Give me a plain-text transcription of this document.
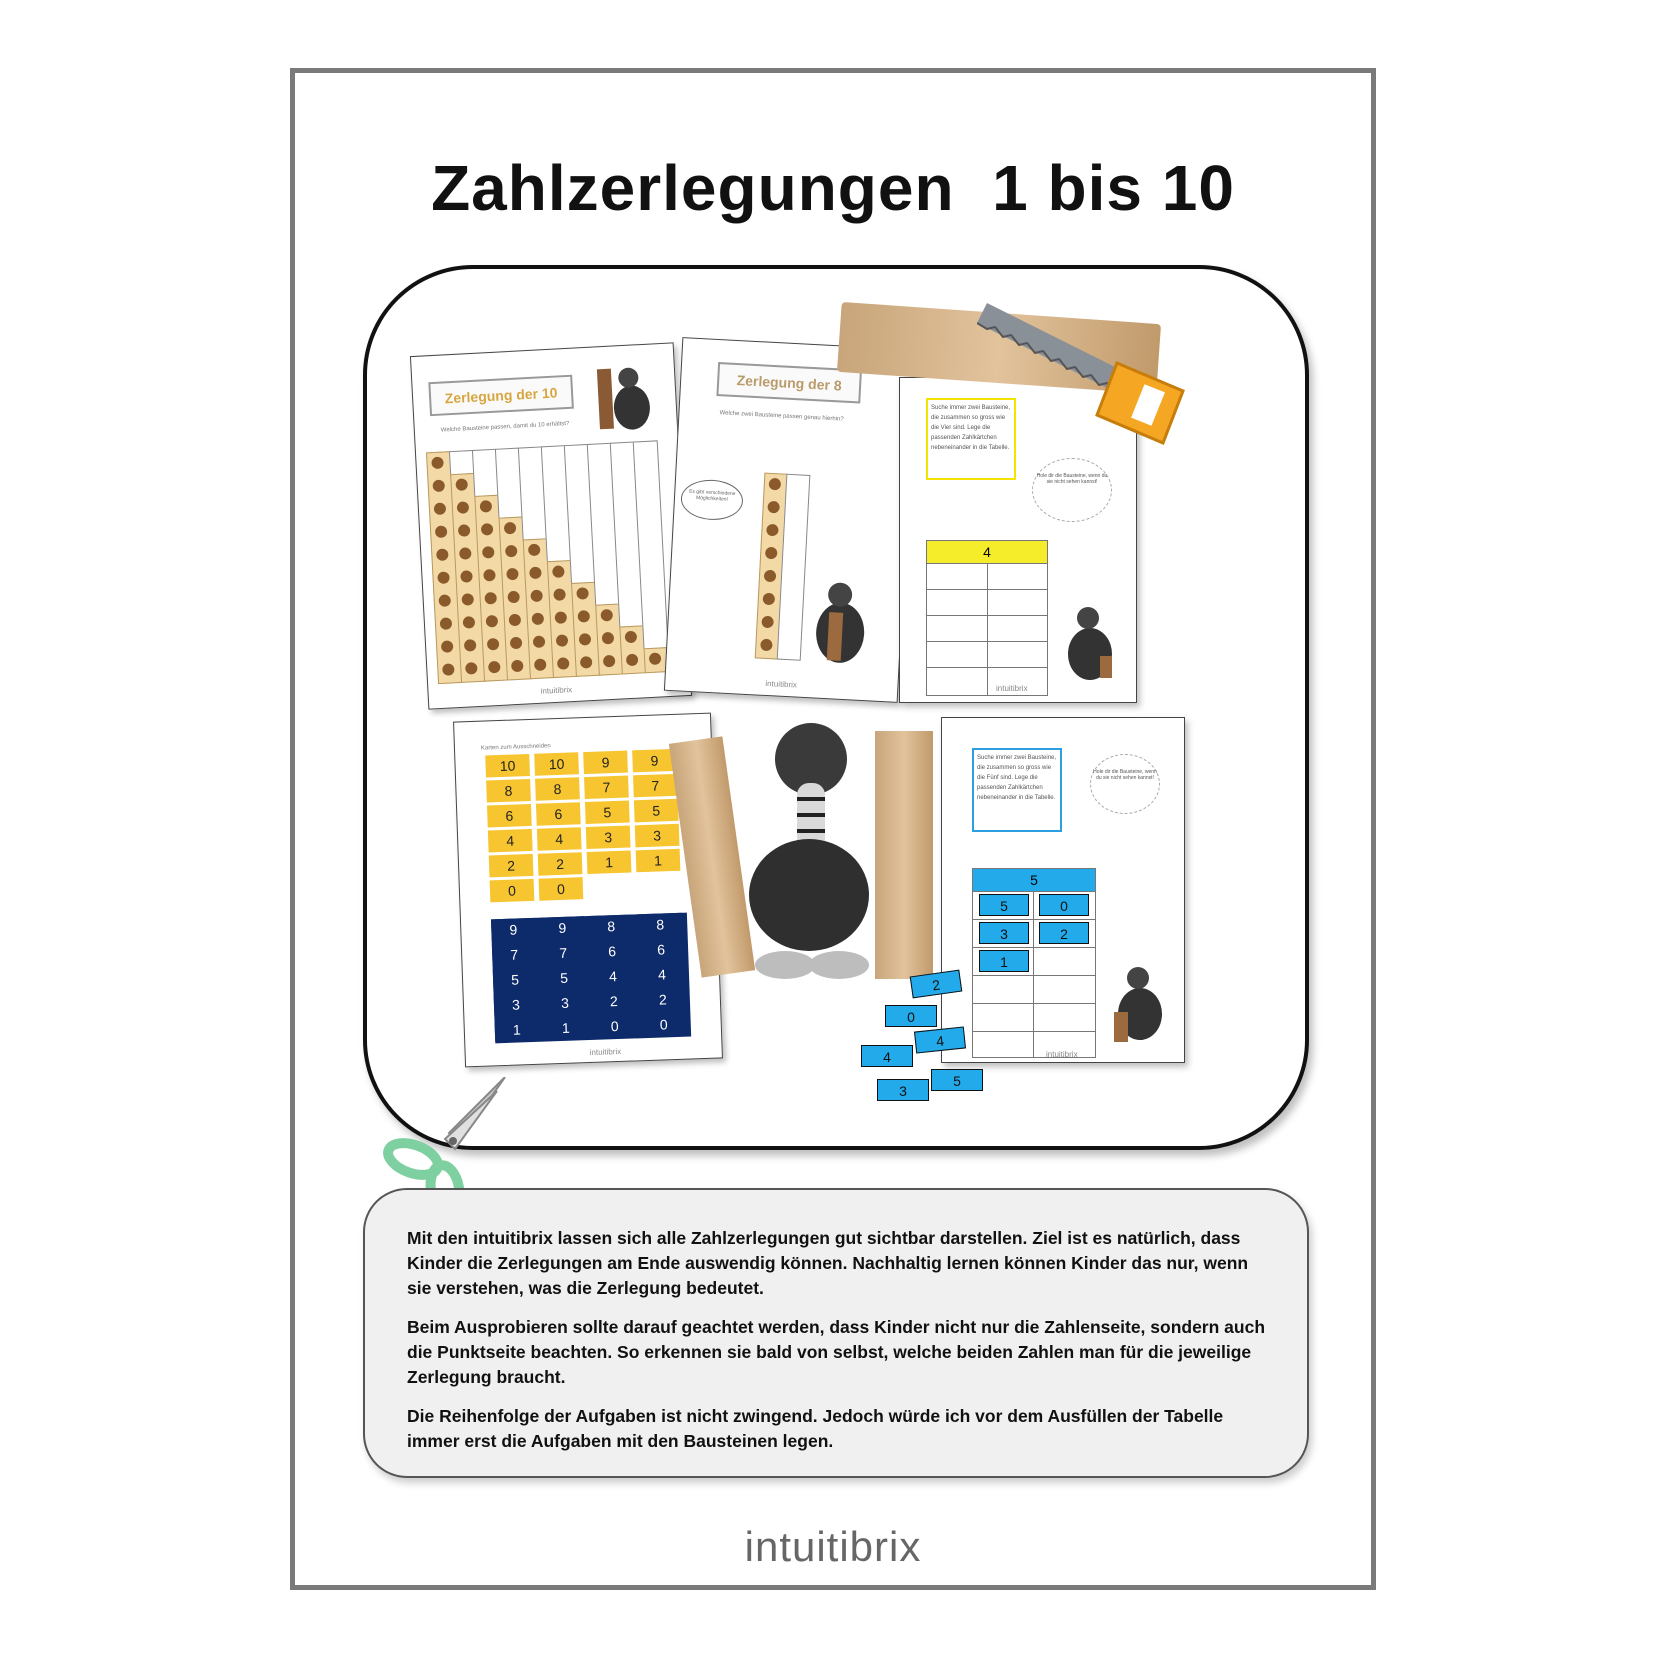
Zahlzerlegungen  1 bis 10
Zerlegung der 10
Welche Bausteine passen, damit du 10 erhältst?
intuitibrix
Zerlegung der 8
Welche zwei Bausteine passen genau hierhin?
Es gibt verschiedene Möglichkeiten!
intuitibrix
Suche immer zwei Bausteine, die zusammen so gross wie die Vier sind. Lege die passenden Zahlkärtchen nebeneinander in die Tabelle.
Hole dir die Bausteine, wenn du sie nicht sehen kannst!
4
intuitibrix
Karten zum Ausschneiden
10	10	9	9
8	8	7	7
6	6	5	5
4	4	3	3
2	2	1	1
0	0
9	9	8	8
7	7	6	6
5	5	4	4
3	3	2	2
1	1	0	0
intuitibrix
Suche immer zwei Bausteine, die zusammen so gross wie die Fünf sind. Lege die passenden Zahlkärtchen nebeneinander in die Tabelle.
Hole dir die Bausteine, wenn du sie nicht sehen kannst!
5
5	0
3	2
1
intuitibrix
2
0
4
4
3
5

Mit den intuitibrix lassen sich alle Zahlzerlegungen gut sichtbar darstellen. Ziel ist es natürlich, dass Kinder die Zerlegungen am Ende auswendig können. Nachhaltig lernen können Kinder das nur, wenn sie verstehen, was die Zerlegung bedeutet.

Beim Ausprobieren sollte darauf geachtet werden, dass Kinder nicht nur die Zahlenseite, sondern auch die Punktseite beachten. So erkennen sie bald von selbst, welche beiden Zahlen man für die jeweilige Zerlegung braucht.

Die Reihenfolge der Aufgaben ist nicht zwingend. Jedoch würde ich vor dem Ausfüllen der Tabelle immer erst die Aufgaben mit den Bausteinen legen.

intuitibrix
